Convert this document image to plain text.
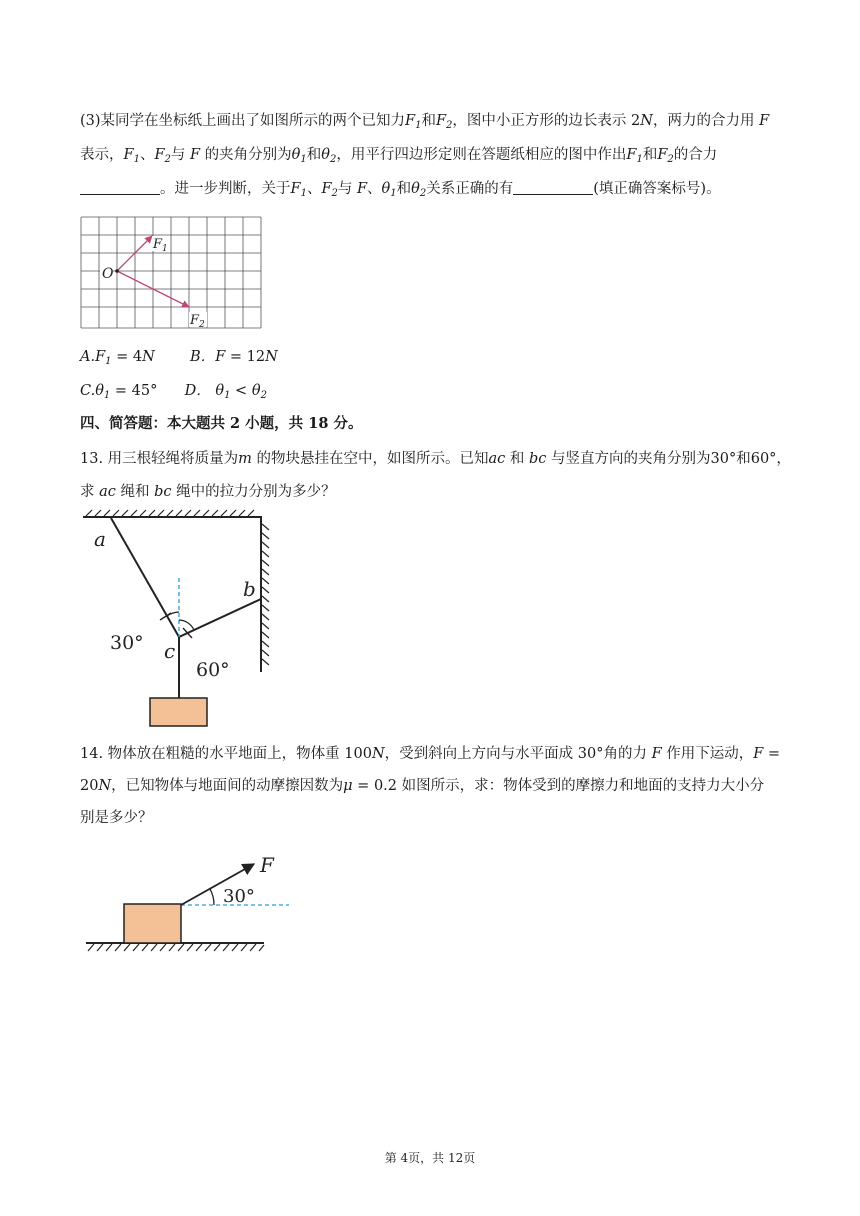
(3)某同学在坐标纸上画出了如图所示的两个已知力$F_1$和$F_2$，图中小正方形的边长表示 2N，两力的合力用 F
表示，$F_1$、$F_2$与 F 的夹角分别为$\theta_1$和$\theta_2$，用平行四边形定则在答题纸相应的图中作出$F_1$和$F_2$的合力
。进一步判断，关于$F_1$、$F_2$与 F、$\theta_1$和$\theta_2$关系正确的有	(填正确答案标号)。
O
$F_1$
$F_2$
$A.F_1 = 4N$ B．F = 12N
$C.\theta_1 = 45^\circ$ D． $\theta_1 < \theta_2$
四、简答题：本大题共 2 小题，共 18 分。
13. 用三根轻绳将质量为m 的物块悬挂在空中，如图所示。已知ac 和 bc 与竖直方向的夹角分别为30°和60°，
求 ac 绳和 bc 绳中的拉力分别为多少？
a
b
c
30°
60°
14. 物体放在粗糙的水平地面上，物体重 100N，受到斜向上方向与水平面成 30°角的力 F 作用下运动，F =
20N，已知物体与地面间的动摩擦因数为μ = 0.2 如图所示，求：物体受到的摩擦力和地面的支持力大小分
别是多少？
F
30°
第 4页，共 12页
